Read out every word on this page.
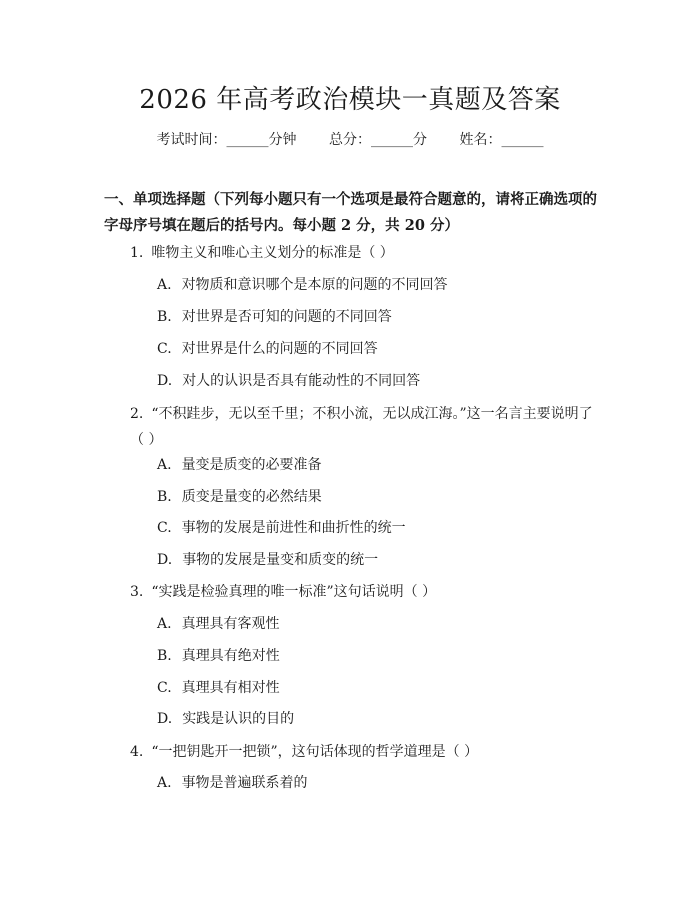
2026 年高考政治模块一真题及答案
考试时间：______分钟 总分：______分 姓名：______
一、单项选择题（下列每小题只有一个选项是最符合题意的，请将正确选项的字母序号填在题后的括号内。每小题 2 分，共 20 分）
1. 唯物主义和唯心主义划分的标准是（ ）
A. 对物质和意识哪个是本原的问题的不同回答
B. 对世界是否可知的问题的不同回答
C. 对世界是什么的问题的不同回答
D. 对人的认识是否具有能动性的不同回答
2. “不积跬步，无以至千里；不积小流，无以成江海。”这一名言主要说明了（ ）
A. 量变是质变的必要准备
B. 质变是量变的必然结果
C. 事物的发展是前进性和曲折性的统一
D. 事物的发展是量变和质变的统一
3. “实践是检验真理的唯一标准”这句话说明（ ）
A. 真理具有客观性
B. 真理具有绝对性
C. 真理具有相对性
D. 实践是认识的目的
4. “一把钥匙开一把锁”，这句话体现的哲学道理是（ ）
A. 事物是普遍联系着的
